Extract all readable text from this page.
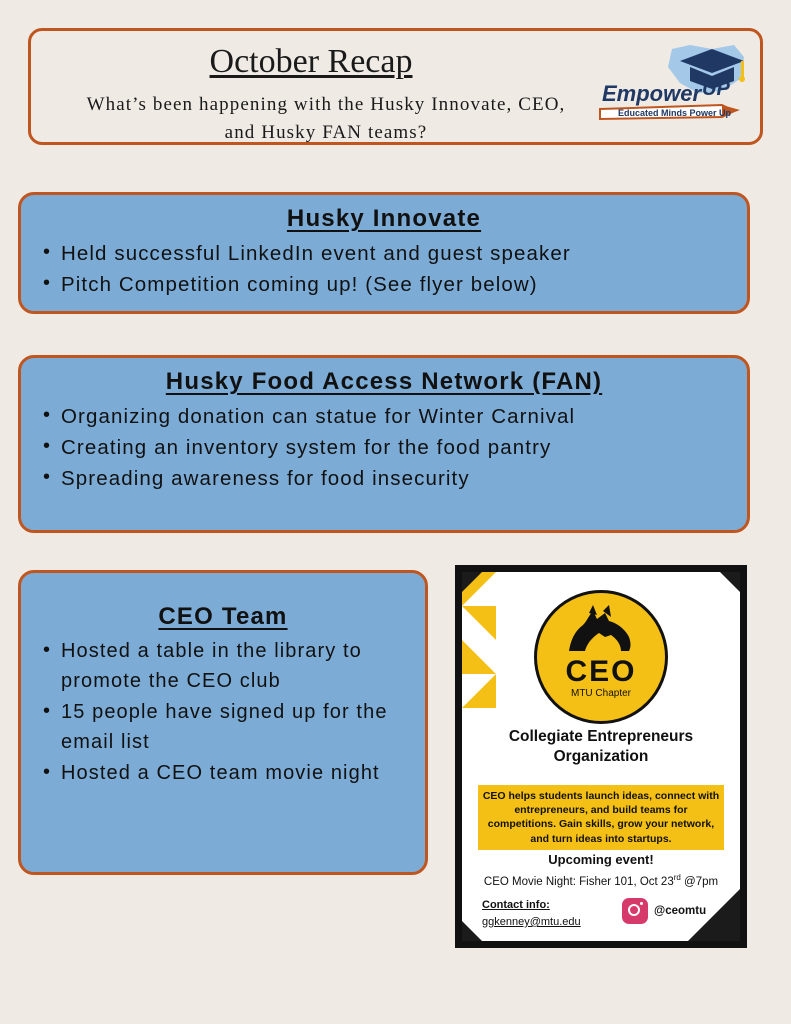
October Recap
What’s been happening with the Husky Innovate, CEO, and Husky FAN teams?
Empower UP
Educated Minds Power Up
Husky Innovate
• Held successful LinkedIn event and guest speaker
• Pitch Competition coming up! (See flyer below)
Husky Food Access Network (FAN)
• Organizing donation can statue for Winter Carnival
• Creating an inventory system for the food pantry
• Spreading awareness for food insecurity
CEO Team
• Hosted a table in the library to promote the CEO club
• 15 people have signed up for the email list
• Hosted a CEO team movie night
CEO
MTU Chapter
Collegiate Entrepreneurs Organization
CEO helps students launch ideas, connect with entrepreneurs, and build teams for competitions. Gain skills, grow your network, and turn ideas into startups.
Upcoming event!
CEO Movie Night: Fisher 101, Oct 23rd @7pm
Contact info:
ggkenney@mtu.edu
@ceomtu
